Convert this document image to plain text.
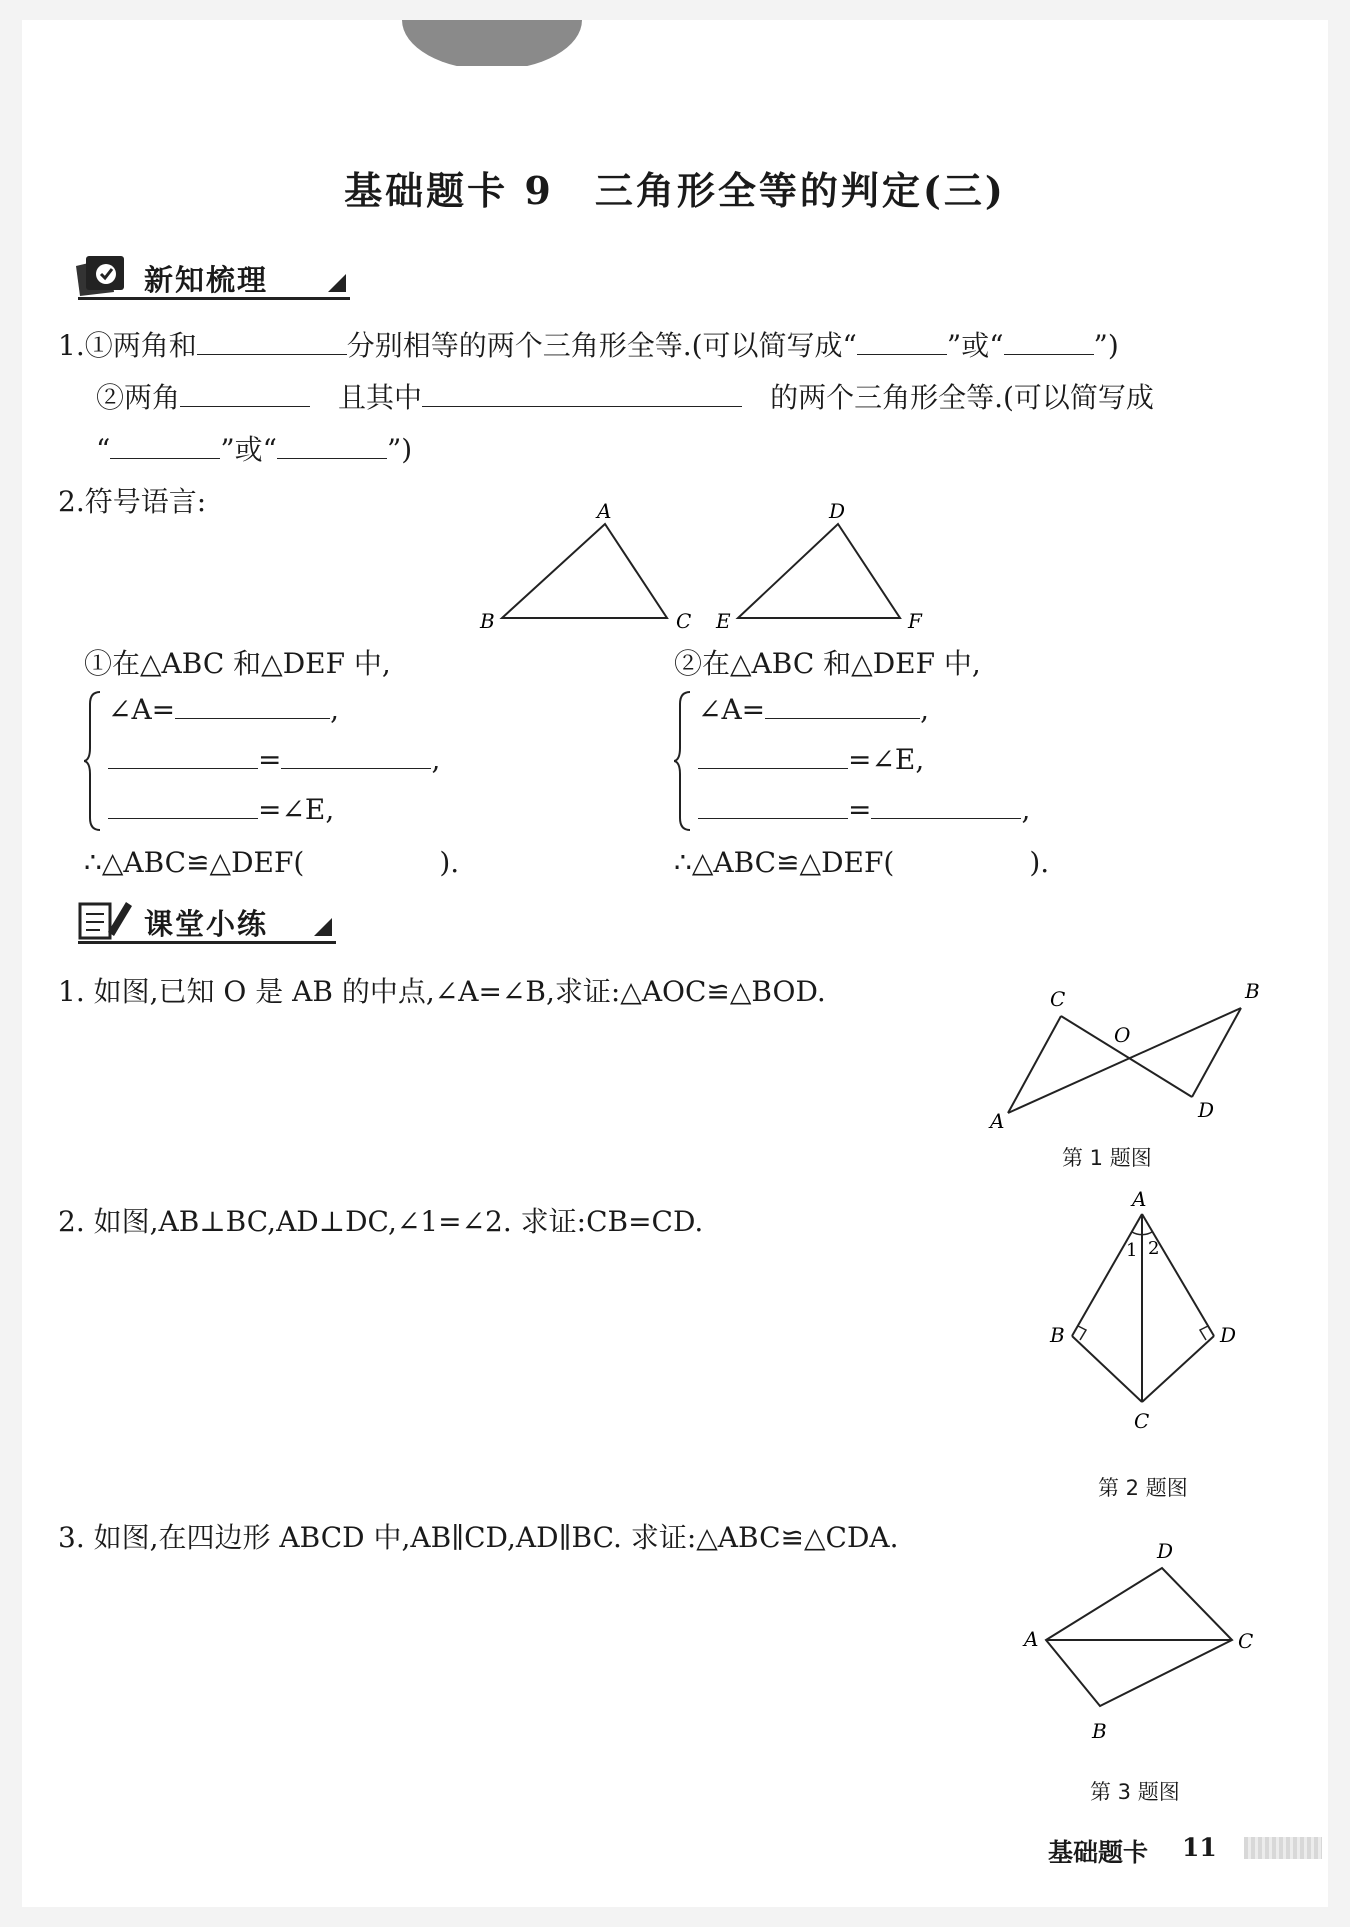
基础题卡 9　三角形全等的判定(三)
新知梳理
1.①两角和	分别相等的两个三角形全等.(可以简写成“	”或“	”)
②两角　	且其中　	的两个三角形全等.(可以简写成
“	”或“	”)
2.符号语言:	A
B	C
D
E	F
①在△ABC 和△DEF 中,
∠A=	,
=	,
=∠E,
∴△ABC≌△DEF(	).
②在△ABC 和△DEF 中,
∠A=	,
=∠E,
=	,
∴△ABC≌△DEF(	).
课堂小练
1. 如图,已知 O 是 AB 的中点,∠A=∠B,求证:△AOC≌△BOD.
A
B
C
D
O
第 1 题图
2. 如图,AB⊥BC,AD⊥DC,∠1=∠2. 求证:CB=CD.
A
B
C
D
1 2
第 2 题图
3. 如图,在四边形 ABCD 中,AB∥CD,AD∥BC. 求证:△ABC≌△CDA.
A
B
C
D
第 3 题图
基础题卡 11
